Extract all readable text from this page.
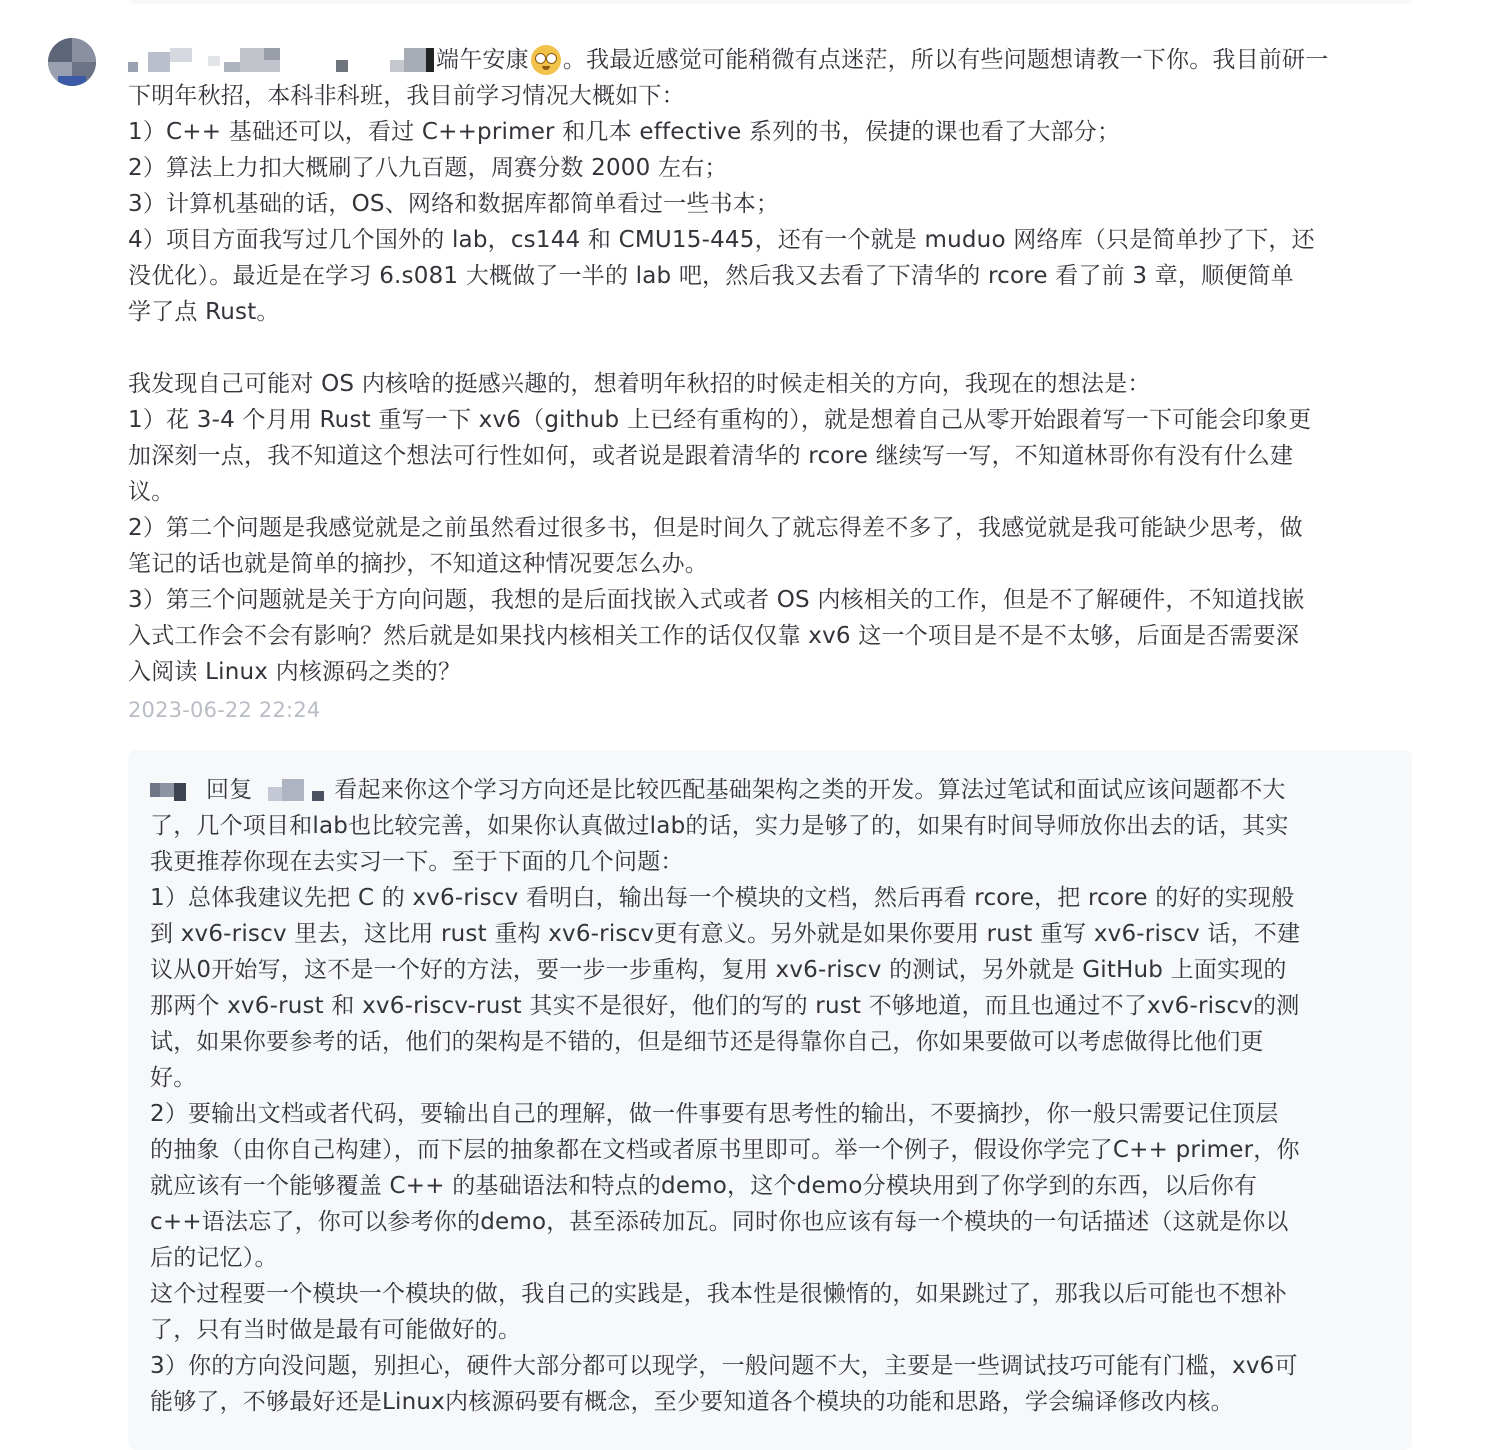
端午安康 。我最近感觉可能稍微有点迷茫，所以有些问题想请教一下你。我目前研一

下明年秋招，本科非科班，我目前学习情况大概如下：

1）C++ 基础还可以，看过 C++primer 和几本 effective 系列的书，侯捷的课也看了大部分；

2）算法上力扣大概刷了八九百题，周赛分数 2000 左右；

3）计算机基础的话，OS、网络和数据库都简单看过一些书本；

4）项目方面我写过几个国外的 lab，cs144 和 CMU15-445，还有一个就是 muduo 网络库（只是简单抄了下，还

没优化）。最近是在学习 6.s081 大概做了一半的 lab 吧，然后我又去看了下清华的 rcore 看了前 3 章，顺便简单

学了点 Rust。

我发现自己可能对 OS 内核啥的挺感兴趣的，想着明年秋招的时候走相关的方向，我现在的想法是：

1）花 3-4 个月用 Rust 重写一下 xv6（github 上已经有重构的），就是想着自己从零开始跟着写一下可能会印象更

加深刻一点，我不知道这个想法可行性如何，或者说是跟着清华的 rcore 继续写一写，不知道林哥你有没有什么建

议。

2）第二个问题是我感觉就是之前虽然看过很多书，但是时间久了就忘得差不多了，我感觉就是我可能缺少思考，做

笔记的话也就是简单的摘抄，不知道这种情况要怎么办。

3）第三个问题就是关于方向问题，我想的是后面找嵌入式或者 OS 内核相关的工作，但是不了解硬件，不知道找嵌

入式工作会不会有影响？然后就是如果找内核相关工作的话仅仅靠 xv6 这一个项目是不是不太够，后面是否需要深

入阅读 Linux 内核源码之类的？

2023-06-22 22:24

回复	看起来你这个学习方向还是比较匹配基础架构之类的开发。算法过笔试和面试应该问题都不大

了，几个项目和lab也比较完善，如果你认真做过lab的话，实力是够了的，如果有时间导师放你出去的话，其实

我更推荐你现在去实习一下。至于下面的几个问题：

1）总体我建议先把 C 的 xv6-riscv 看明白，输出每一个模块的文档，然后再看 rcore，把 rcore 的好的实现般

到 xv6-riscv 里去，这比用 rust 重构 xv6-riscv更有意义。另外就是如果你要用 rust 重写 xv6-riscv 话，不建

议从0开始写，这不是一个好的方法，要一步一步重构，复用 xv6-riscv 的测试，另外就是 GitHub 上面实现的

那两个 xv6-rust 和 xv6-riscv-rust 其实不是很好，他们的写的 rust 不够地道，而且也通过不了xv6-riscv的测

试，如果你要参考的话，他们的架构是不错的，但是细节还是得靠你自己，你如果要做可以考虑做得比他们更

好。

2）要输出文档或者代码，要输出自己的理解，做一件事要有思考性的输出，不要摘抄，你一般只需要记住顶层

的抽象（由你自己构建），而下层的抽象都在文档或者原书里即可。举一个例子，假设你学完了C++ primer，你

就应该有一个能够覆盖 C++ 的基础语法和特点的demo，这个demo分模块用到了你学到的东西，以后你有

c++语法忘了，你可以参考你的demo，甚至添砖加瓦。同时你也应该有每一个模块的一句话描述（这就是你以

后的记忆）。

这个过程要一个模块一个模块的做，我自己的实践是，我本性是很懒惰的，如果跳过了，那我以后可能也不想补

了，只有当时做是最有可能做好的。

3）你的方向没问题，别担心，硬件大部分都可以现学，一般问题不大，主要是一些调试技巧可能有门槛，xv6可

能够了，不够最好还是Linux内核源码要有概念，至少要知道各个模块的功能和思路，学会编译修改内核。
